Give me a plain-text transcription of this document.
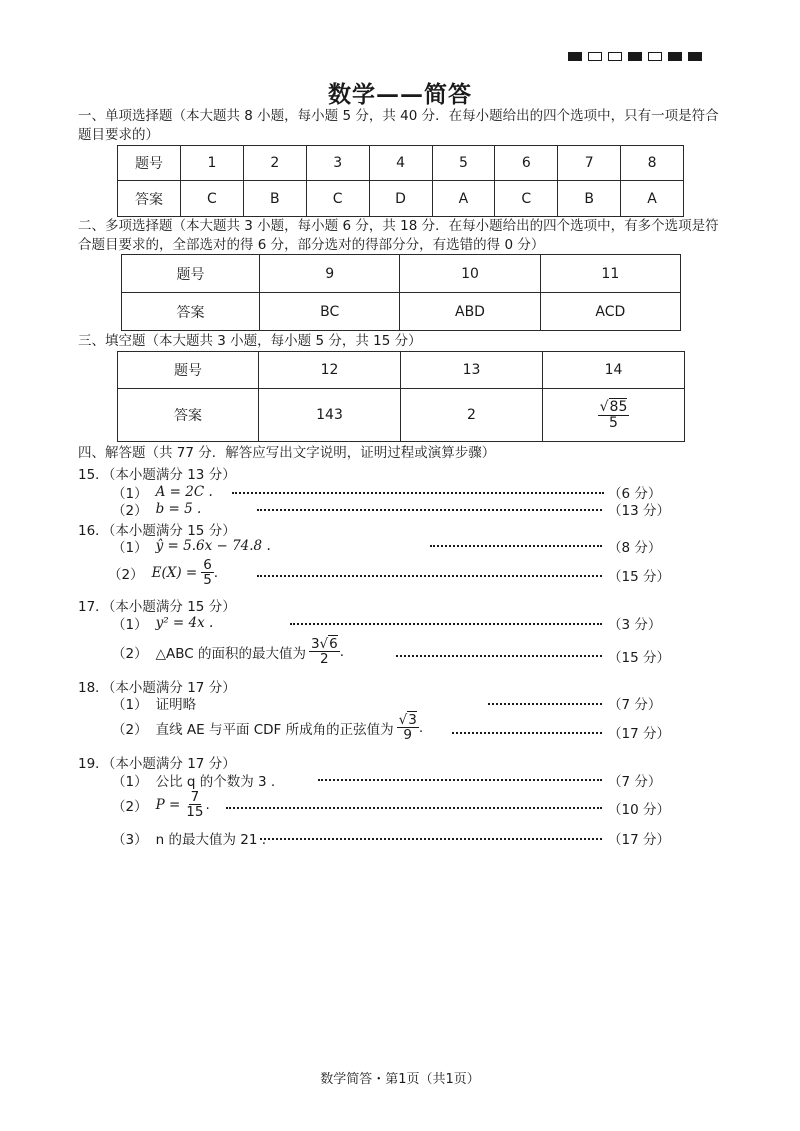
数学——简答
一、单项选择题（本大题共 8 小题，每小题 5 分，共 40 分．在每小题给出的四个选项中，只有一项是符合题目要求的）
题号	1	2	3	4	5	6	7	8
答案	C	B	C	D	A	C	B	A
二、多项选择题（本大题共 3 小题，每小题 6 分，共 18 分．在每小题给出的四个选项中，有多个选项是符合题目要求的，全部选对的得 6 分，部分选对的得部分分，有选错的得 0 分）
题号	9	10	11
答案	BC	ABD	ACD
三、填空题（本大题共 3 小题，每小题 5 分，共 15 分）
题号	12	13	14
答案	143	2	$\frac{√85}{5}$
四、解答题（共 77 分．解答应写出文字说明，证明过程或演算步骤）
15．（本小题满分 13 分）
（1） A = 2C .	（6 分）
（2） b = 5 .	（13 分）
16．（本小题满分 15 分）
（1） ŷ = 5.6x − 74.8 .	（8 分）
（2） $E(X) = \frac{6}{5}$ .	（15 分）
17．（本小题满分 15 分）
（1） y² = 4x .	（3 分）
（2） △ABC 的面积的最大值为 $\frac{3√6}{2}$ .	（15 分）
18．（本小题满分 17 分）
（1） 证明略	（7 分）
（2） 直线 AE 与平面 CDF 所成角的正弦值为 $\frac{√3}{9}$ .	（17 分）
19．（本小题满分 17 分）
（1） 公比 q 的个数为 3 .	（7 分）
（2） $P = \frac{7}{15}$ .	（10 分）
（3） n 的最大值为 21 .	（17 分）
数学简答・第1页（共1页）
